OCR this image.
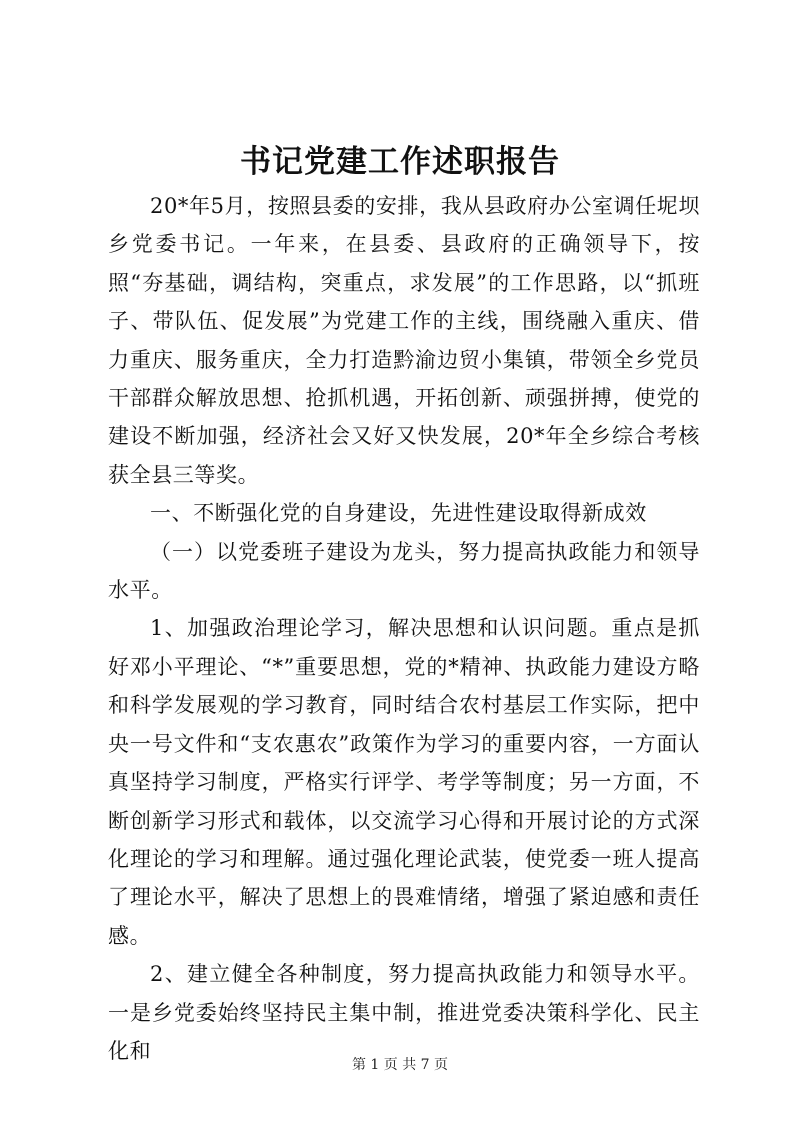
书记党建工作述职报告

20*年5月，按照县委的安排，我从县政府办公室调任坭坝乡党委书记。一年来，在县委、县政府的正确领导下，按照“夯基础，调结构，突重点，求发展”的工作思路，以“抓班子、带队伍、促发展”为党建工作的主线，围绕融入重庆、借力重庆、服务重庆，全力打造黔渝边贸小集镇，带领全乡党员干部群众解放思想、抢抓机遇，开拓创新、顽强拼搏，使党的建设不断加强，经济社会又好又快发展，20*年全乡综合考核获全县三等奖。

一、不断强化党的自身建设，先进性建设取得新成效

（一）以党委班子建设为龙头，努力提高执政能力和领导水平。

1、加强政治理论学习，解决思想和认识问题。重点是抓好邓小平理论、“*”重要思想，党的*精神、执政能力建设方略和科学发展观的学习教育，同时结合农村基层工作实际，把中央一号文件和“支农惠农”政策作为学习的重要内容，一方面认真坚持学习制度，严格实行评学、考学等制度；另一方面，不断创新学习形式和载体，以交流学习心得和开展讨论的方式深化理论的学习和理解。通过强化理论武装，使党委一班人提高了理论水平，解决了思想上的畏难情绪，增强了紧迫感和责任感。

2、建立健全各种制度，努力提高执政能力和领导水平。一是乡党委始终坚持民主集中制，推进党委决策科学化、民主化和

第 1 页 共 7 页
